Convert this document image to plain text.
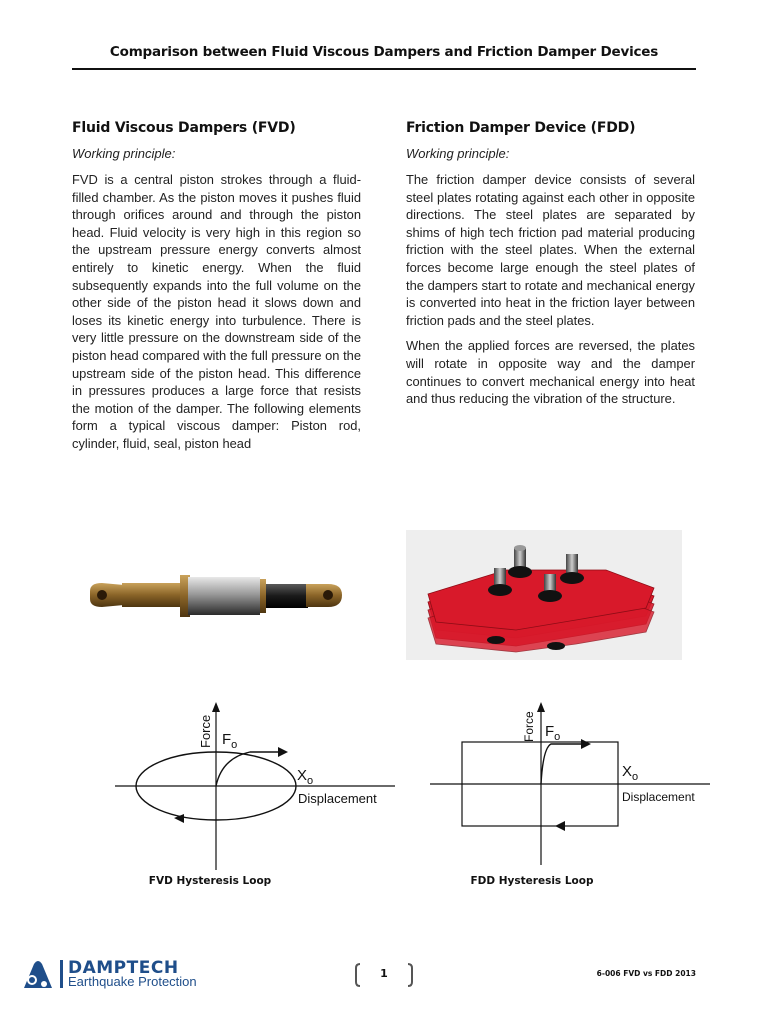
Comparison between Fluid Viscous Dampers and Friction Damper Devices
Fluid Viscous Dampers (FVD)
Working principle:

FVD is a central piston strokes through a fluid-filled chamber. As the piston moves it pushes fluid through orifices around and through the piston head. Fluid velocity is very high in this region so the upstream pressure energy converts almost entirely to kinetic energy. When the fluid subsequently expands into the full volume on the other side of the piston head it slows down and loses its kinetic energy into turbulence. There is very little pressure on the downstream side of the piston head compared with the full pressure on the upstream side of the piston head. This difference in pressures produces a large force that resists the motion of the damper. The following elements form a typical viscous damper: Piston rod, cylinder, fluid, seal, piston head

Friction Damper Device (FDD)
Working principle:

The friction damper device consists of several steel plates rotating against each other in opposite directions. The steel plates are separated by shims of high tech friction pad material producing friction with the steel plates. When the external forces become large enough the steel plates of the dampers start to rotate and mechanical energy is converted into heat in the friction layer between friction pads and the steel plates.

When the applied forces are reversed, the plates will rotate in opposite way and the damper continues to convert mechanical energy into heat and thus reducing the vibration of the structure.

Force $F_o$
$X_o$
Displacement
FVD Hysteresis Loop
Force $F_o$
$X_o$
Displacement
FDD Hysteresis Loop
DAMPTECH
Earthquake Protection
1	6-006 FVD vs FDD 2013
